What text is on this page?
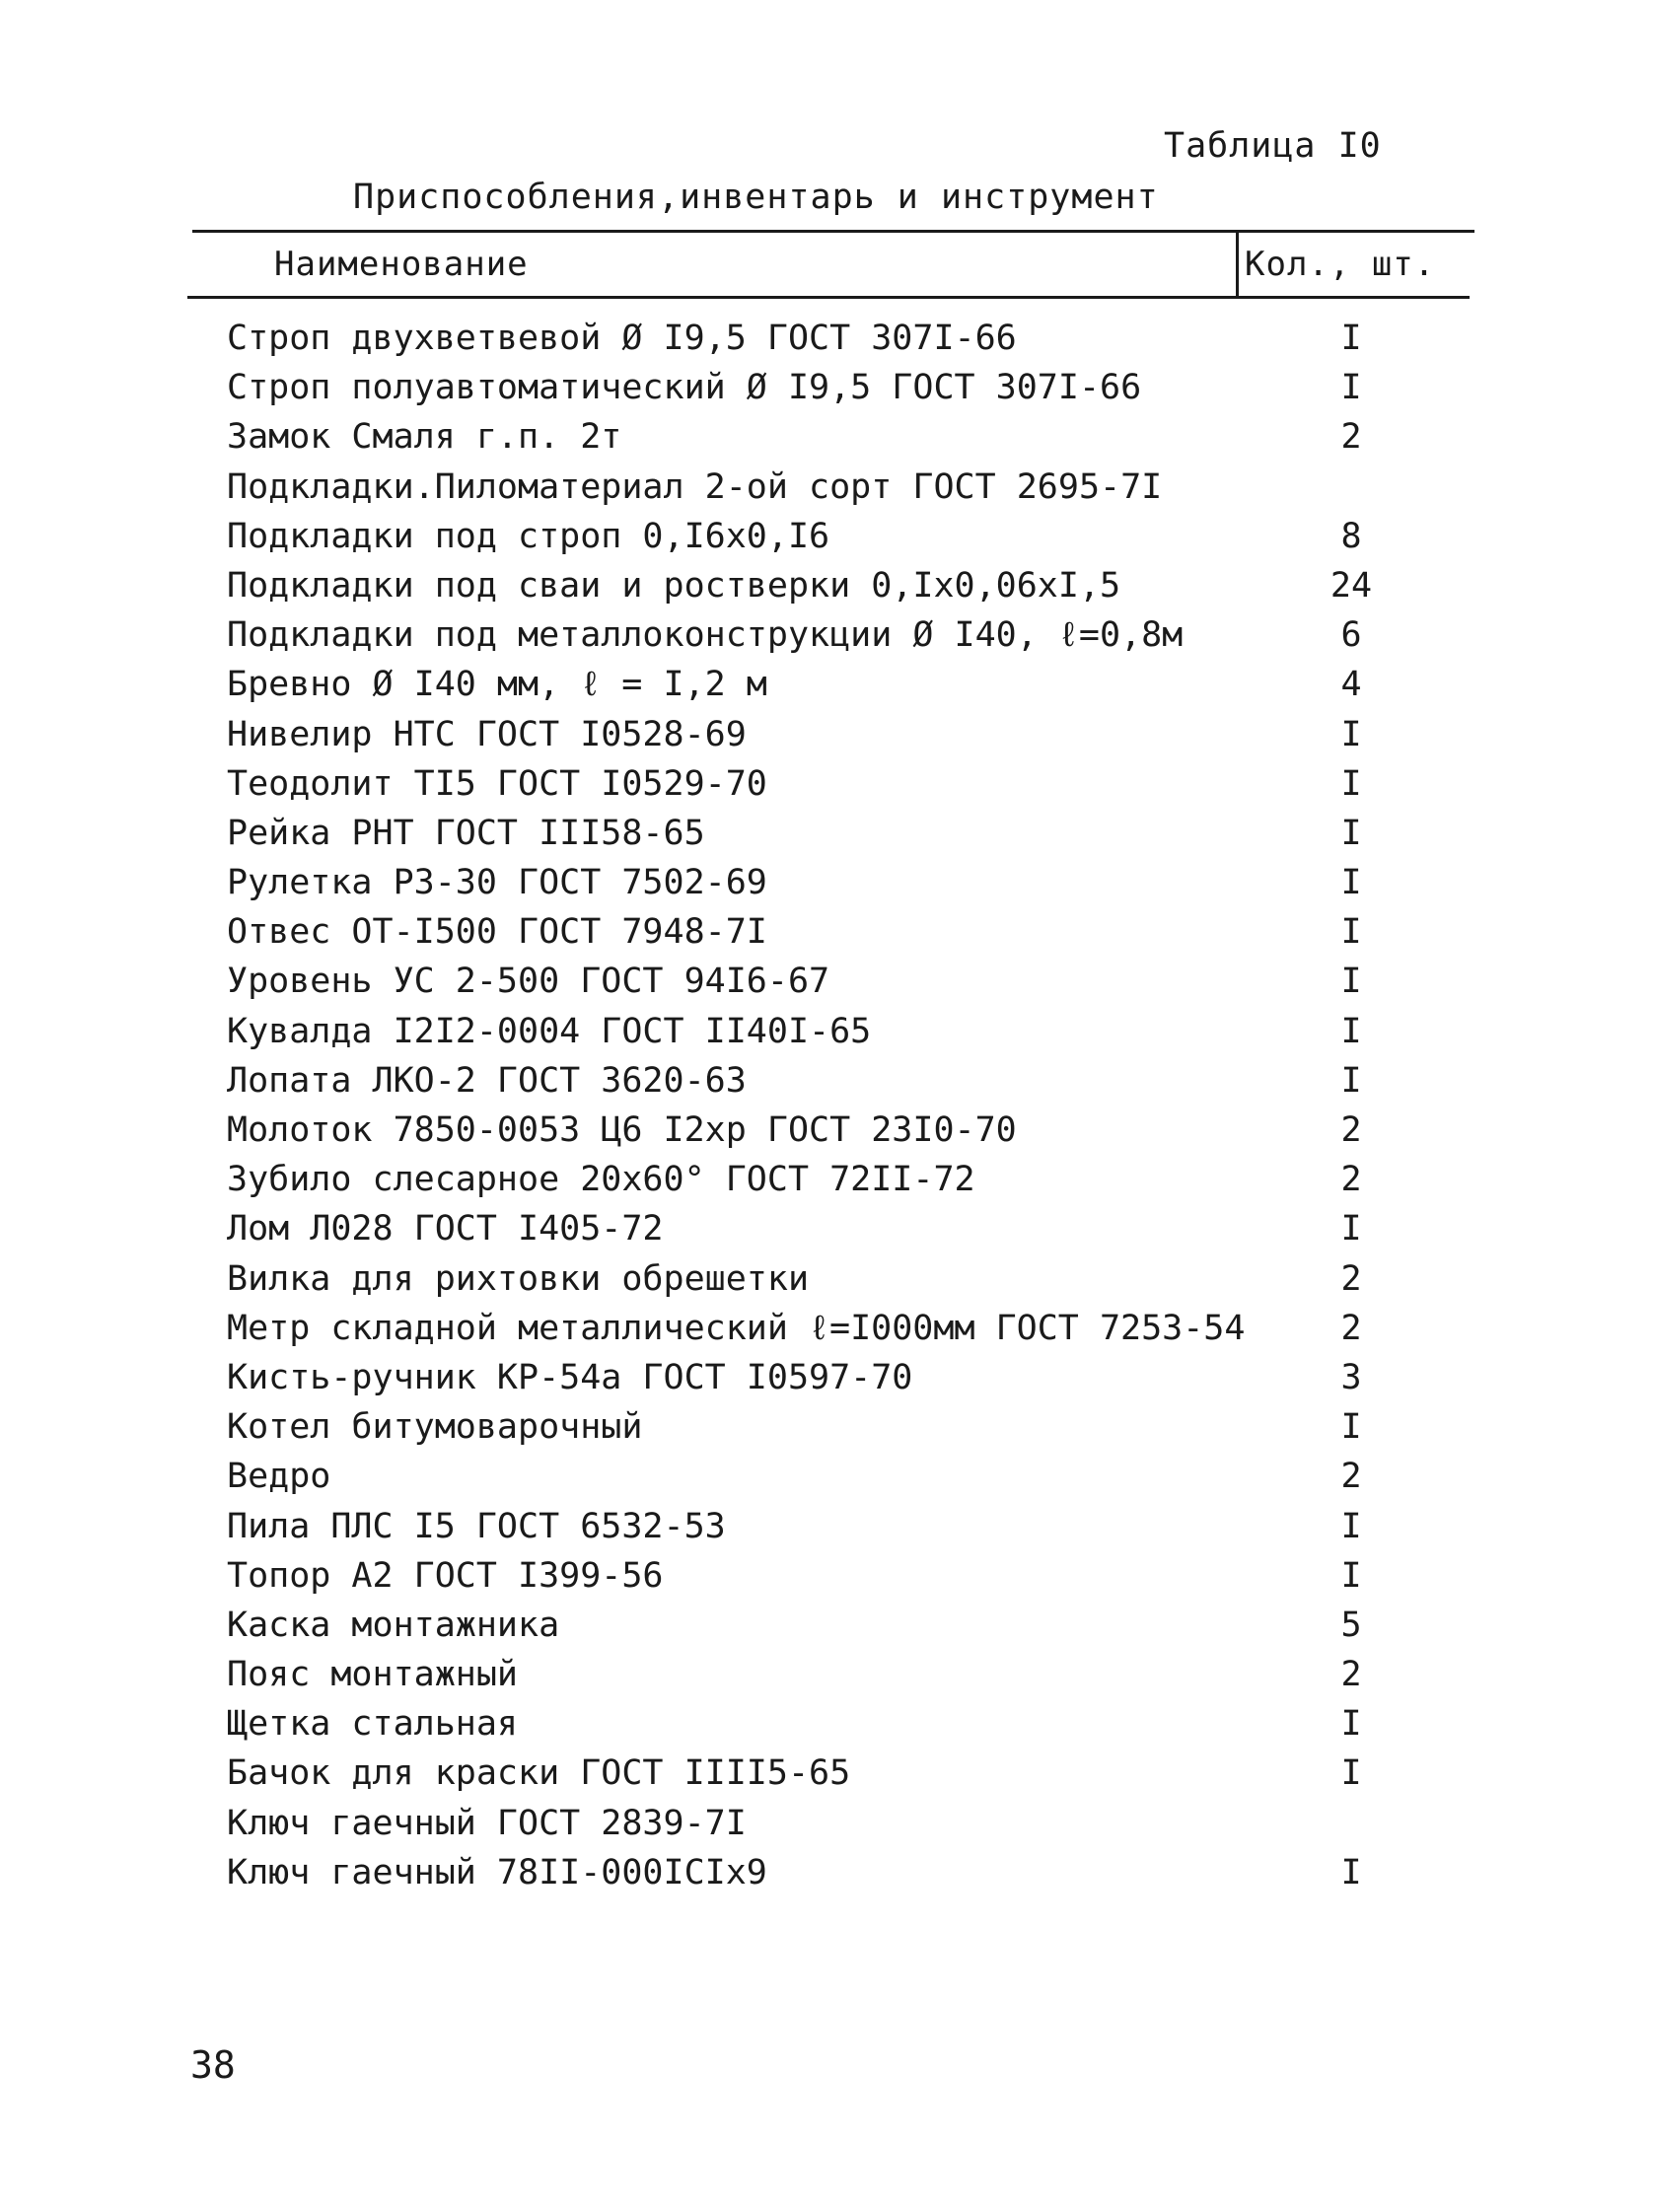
Таблица I0
Приспособления,инвентарь и инструмент
Наименование	Кол., шт.
Строп двухветвевой Ø I9,5 ГОСТ 307I-66	I
Строп полуавтоматический Ø I9,5 ГОСТ 307I-66	I
Замок Смаля г.п. 2т	2
Подкладки.Пиломатериал 2-ой сорт ГОСТ 2695-7I
Подкладки под строп 0,I6x0,I6	8
Подкладки под сваи и ростверки 0,Ix0,06xI,5	24
Подкладки под металлоконструкции Ø I40, ℓ=0,8м	6
Бревно Ø I40 мм, ℓ = I,2 м	4
Нивелир НТС ГОСТ I0528-69	I
Теодолит TI5 ГОСТ I0529-70	I
Рейка РНТ ГОСТ III58-65	I
Рулетка Р3-30 ГОСТ 7502-69	I
Отвес ОТ-I500 ГОСТ 7948-7I	I
Уровень УС 2-500 ГОСТ 94I6-67	I
Кувалда I2I2-0004 ГОСТ II40I-65	I
Лопата ЛКО-2 ГОСТ 3620-63	I
Молоток 7850-0053 Ц6 I2хр ГОСТ 23I0-70	2
Зубило слесарное 20x60° ГОСТ 72II-72	2
Лом Л028 ГОСТ I405-72	I
Вилка для рихтовки обрешетки	2
Метр складной металлический ℓ=I000мм ГОСТ 7253-54	2
Кисть-ручник КР-54а ГОСТ I0597-70	3
Котел битумоварочный	I
Ведро	2
Пила ПЛС I5 ГОСТ 6532-53	I
Топор А2 ГОСТ I399-56	I
Каска монтажника	5
Пояс монтажный	2
Щетка стальная	I
Бачок для краски ГОСТ IIII5-65	I
Ключ гаечный ГОСТ 2839-7I
Ключ гаечный 78II-000ICIx9	I
38
